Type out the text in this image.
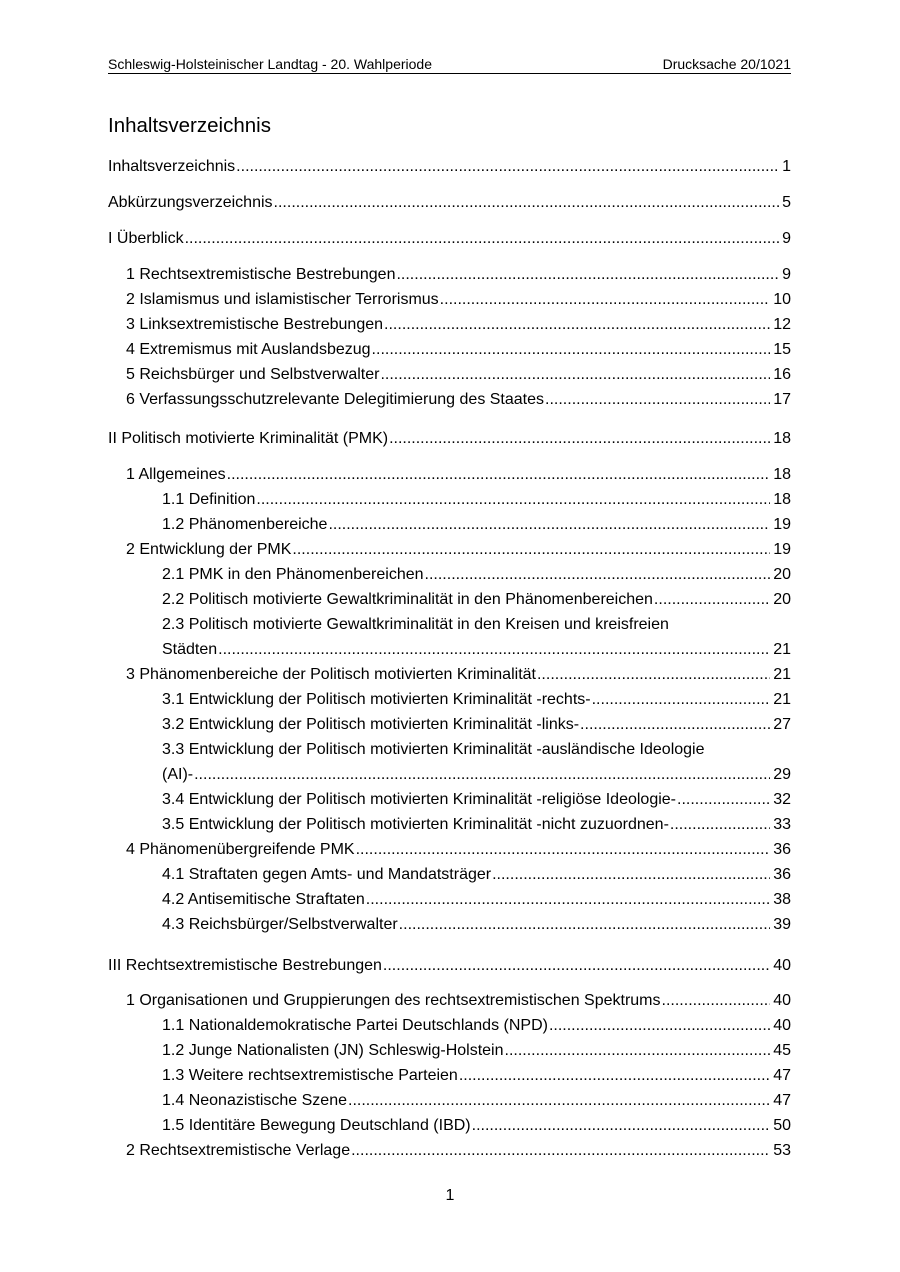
Schleswig-Holsteinischer Landtag - 20. Wahlperiode	Drucksache 20/1021
Inhaltsverzeichnis
Inhaltsverzeichnis .....	1
Abkürzungsverzeichnis .....	5
I Überblick .....	9
1 Rechtsextremistische Bestrebungen .....	9
2 Islamismus und islamistischer Terrorismus .....	10
3 Linksextremistische Bestrebungen .....	12
4 Extremismus mit Auslandsbezug .....	15
5 Reichsbürger und Selbstverwalter .....	16
6 Verfassungsschutzrelevante Delegitimierung des Staates .....	17
II Politisch motivierte Kriminalität (PMK) .....	18
1 Allgemeines .....	18
1.1 Definition .....	18
1.2 Phänomenbereiche .....	19
2 Entwicklung der PMK .....	19
2.1 PMK in den Phänomenbereichen .....	20
2.2 Politisch motivierte Gewaltkriminalität in den Phänomenbereichen .....	20
2.3 Politisch motivierte Gewaltkriminalität in den Kreisen und kreisfreien
Städten .....	21
3 Phänomenbereiche der Politisch motivierten Kriminalität .....	21
3.1 Entwicklung der Politisch motivierten Kriminalität -rechts- .....	21
3.2 Entwicklung der Politisch motivierten Kriminalität -links- .....	27
3.3 Entwicklung der Politisch motivierten Kriminalität -ausländische Ideologie
(AI)- .....	29
3.4 Entwicklung der Politisch motivierten Kriminalität -religiöse Ideologie- .....	32
3.5 Entwicklung der Politisch motivierten Kriminalität -nicht zuzuordnen- .....	33
4 Phänomenübergreifende PMK .....	36
4.1 Straftaten gegen Amts- und Mandatsträger .....	36
4.2 Antisemitische Straftaten .....	38
4.3 Reichsbürger/Selbstverwalter .....	39
III Rechtsextremistische Bestrebungen .....	40
1 Organisationen und Gruppierungen des rechtsextremistischen Spektrums .....	40
1.1 Nationaldemokratische Partei Deutschlands (NPD) .....	40
1.2 Junge Nationalisten (JN) Schleswig-Holstein .....	45
1.3 Weitere rechtsextremistische Parteien .....	47
1.4 Neonazistische Szene .....	47
1.5 Identitäre Bewegung Deutschland (IBD) .....	50
2 Rechtsextremistische Verlage .....	53
1
